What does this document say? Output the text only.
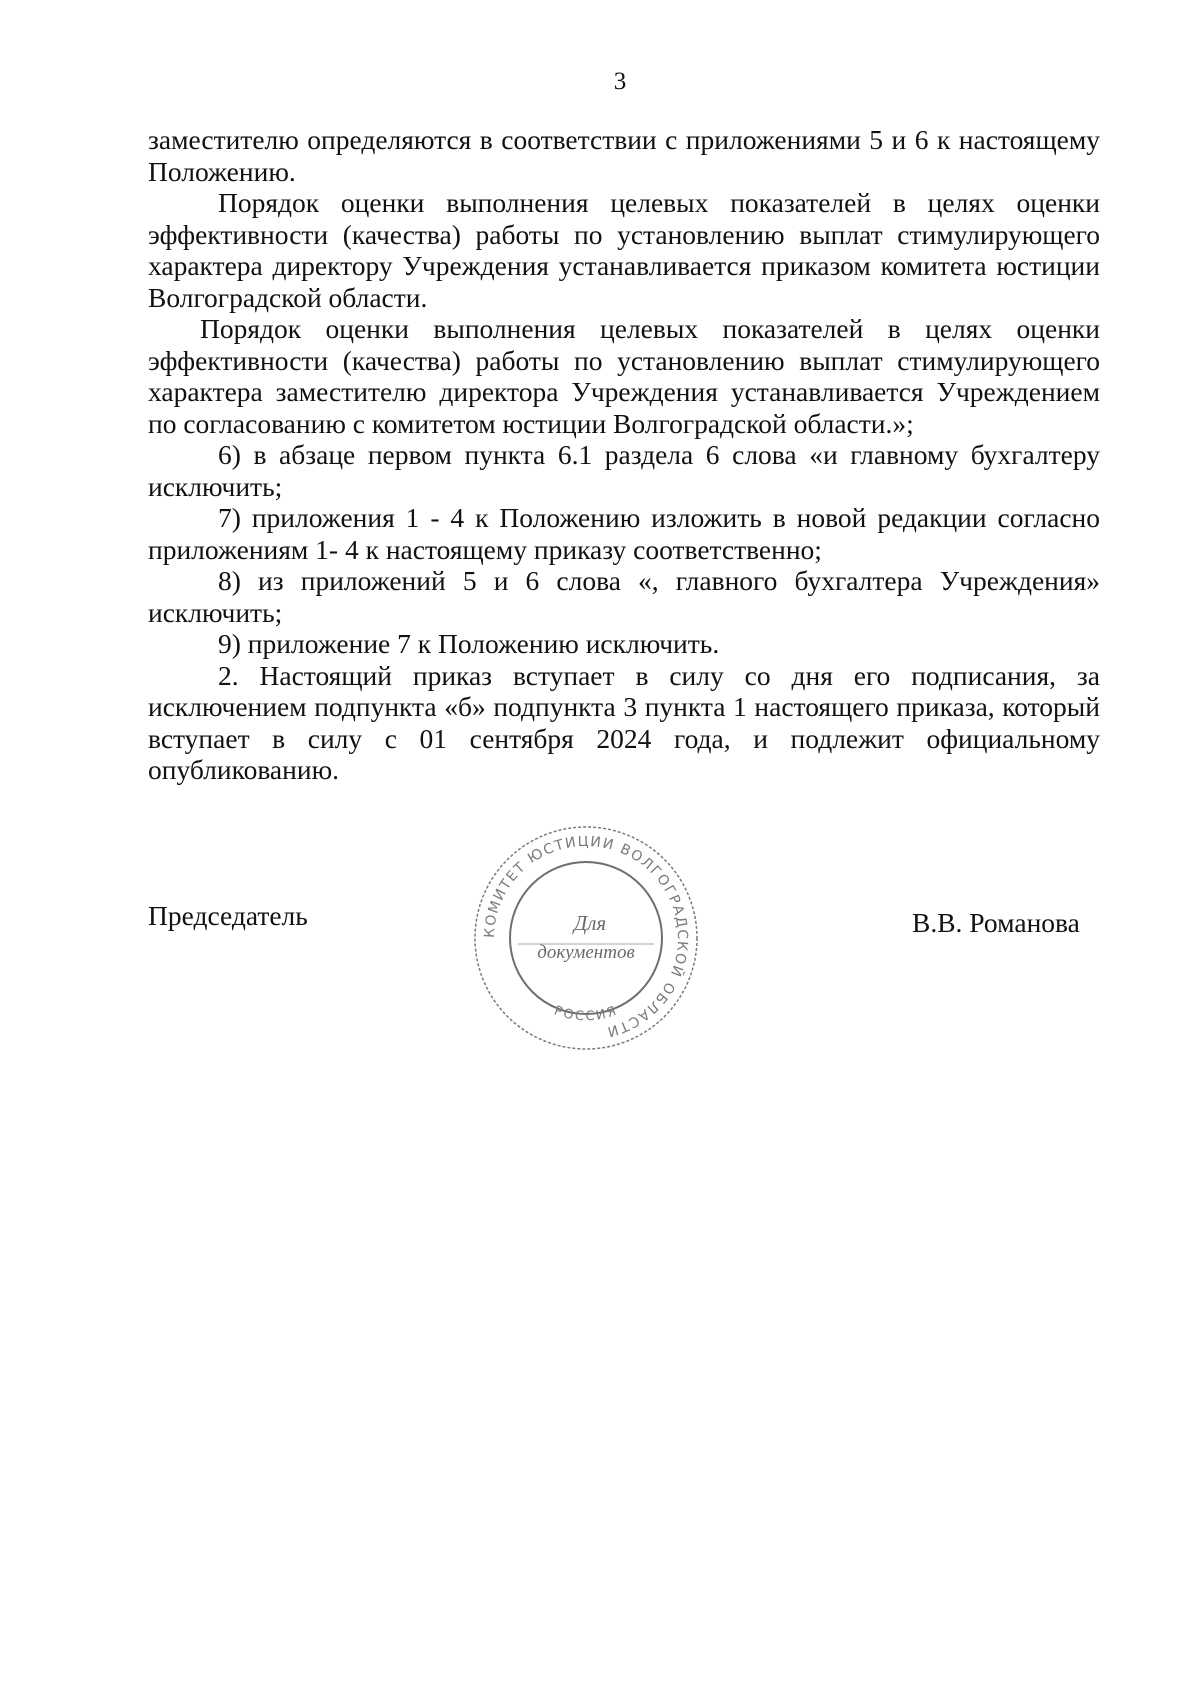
3

заместителю определяются в соответствии с приложениями 5 и 6 к настоящему Положению.

Порядок оценки выполнения целевых показателей в целях оценки эффективности (качества) работы по установлению выплат стимулирующего характера директору Учреждения устанавливается приказом комитета юстиции Волгоградской области.

Порядок оценки выполнения целевых показателей в целях оценки эффективности (качества) работы по установлению выплат стимулирующего характера заместителю директора Учреждения устанавливается Учреждением по согласованию с комитетом юстиции Волгоградской области.»;

6) в абзаце первом пункта 6.1 раздела 6 слова «и главному бухгалтеру исключить;

7) приложения 1 - 4 к Положению изложить в новой редакции согласно приложениям 1- 4 к настоящему приказу соответственно;

8) из приложений 5 и 6 слова «, главного бухгалтера Учреждения» исключить;

9) приложение 7 к Положению исключить.

2. Настоящий приказ вступает в силу со дня его подписания, за исключением подпункта «б» подпункта 3 пункта 1 настоящего приказа, который вступает в силу с 01 сентября 2024 года, и подлежит официальному опубликованию.

Председатель
КОМИТЕТ ЮСТИЦИИ ВОЛГОГРАДСКОЙ ОБЛАСТИ
РОССИЯ
Для
документов
В.В. Романова
